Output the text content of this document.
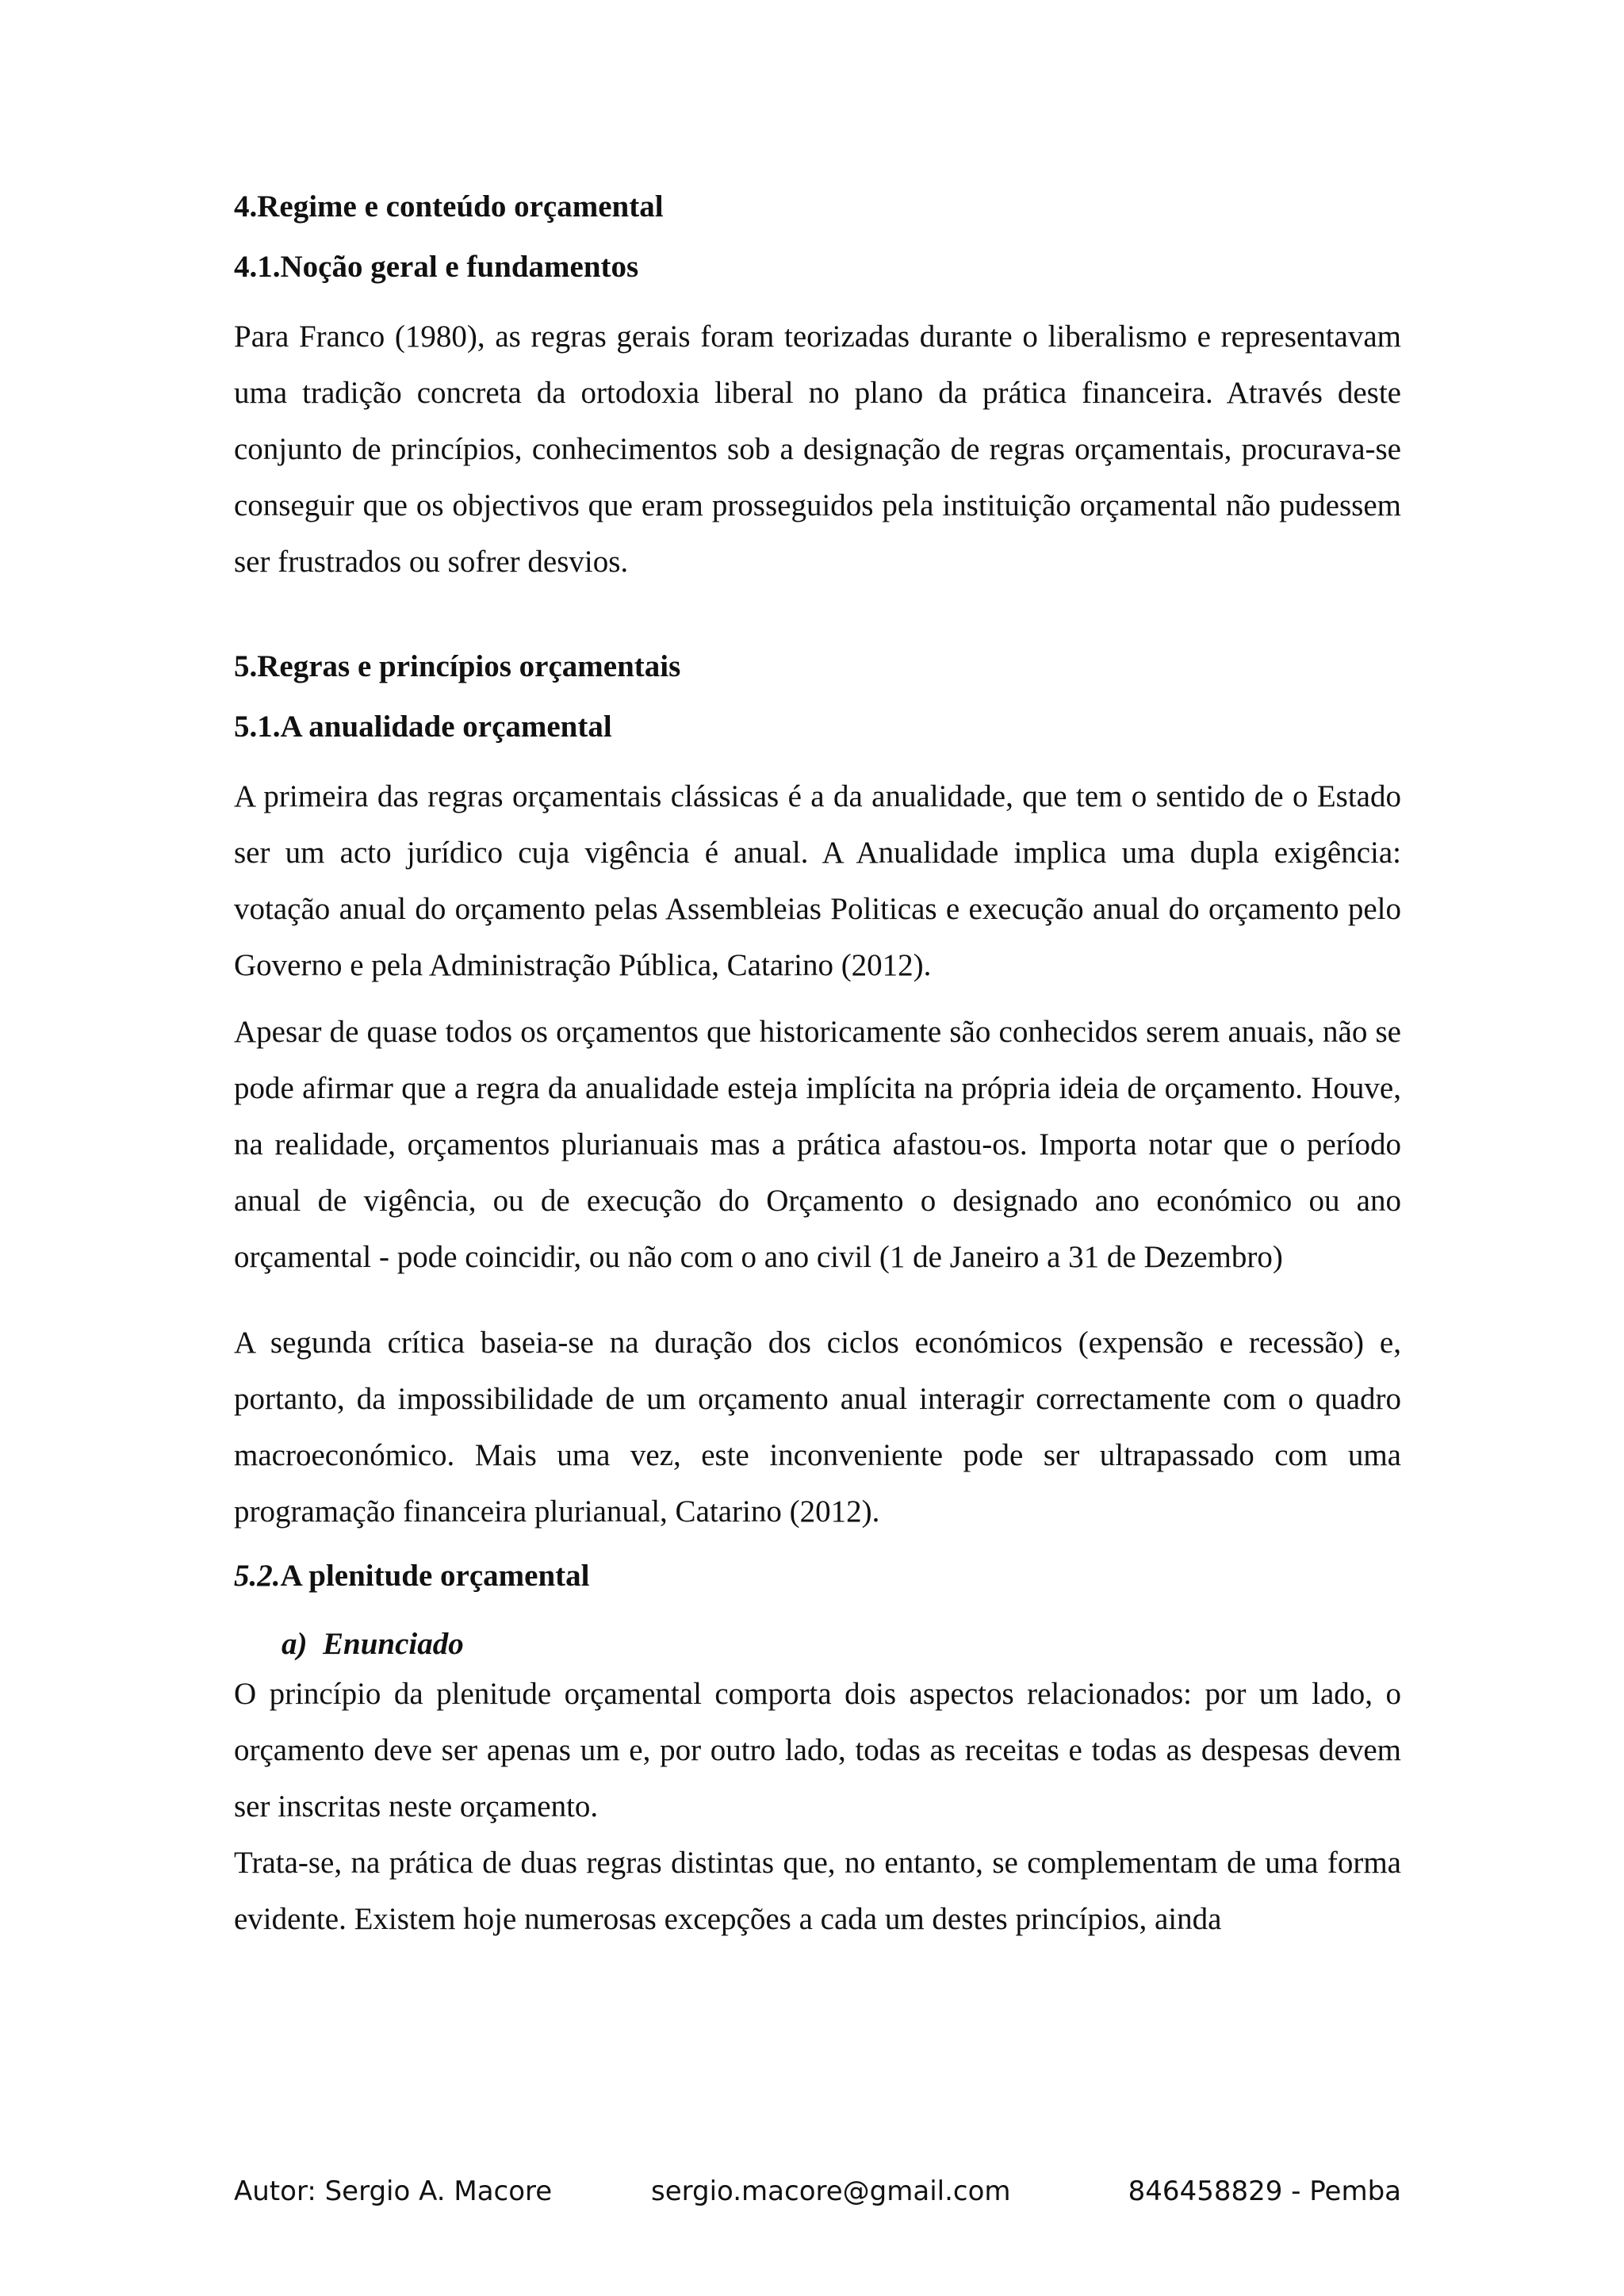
4.Regime e conteúdo orçamental
4.1.Noção geral e fundamentos

Para Franco (1980), as regras gerais foram teorizadas durante o liberalismo e representavam uma tradição concreta da ortodoxia liberal no plano da prática financeira. Através deste conjunto de princípios, conhecimentos sob a designação de regras orçamentais, procurava-se conseguir que os objectivos que eram prosseguidos pela instituição orçamental não pudessem ser frustrados ou sofrer desvios.

5.Regras e princípios orçamentais
5.1.A anualidade orçamental

A primeira das regras orçamentais clássicas é a da anualidade, que tem o sentido de o Estado ser um acto jurídico cuja vigência é anual. A Anualidade implica uma dupla exigência: votação anual do orçamento pelas Assembleias Politicas e execução anual do orçamento pelo Governo e pela Administração Pública, Catarino (2012).

Apesar de quase todos os orçamentos que historicamente são conhecidos serem anuais, não se pode afirmar que a regra da anualidade esteja implícita na própria ideia de orçamento. Houve, na realidade, orçamentos plurianuais mas a prática afastou-os. Importa notar que o período anual de vigência, ou de execução do Orçamento o designado ano económico ou ano orçamental - pode coincidir, ou não com o ano civil (1 de Janeiro a 31 de Dezembro)

A segunda crítica baseia-se na duração dos ciclos económicos (expensão e recessão) e, portanto, da impossibilidade de um orçamento anual interagir correctamente com o quadro macroeconómico. Mais uma vez, este inconveniente pode ser ultrapassado com uma programação financeira plurianual, Catarino (2012).

5.2.A plenitude orçamental
a)  Enunciado

O princípio da plenitude orçamental comporta dois aspectos relacionados: por um lado, o orçamento deve ser apenas um e, por outro lado, todas as receitas e todas as despesas devem ser inscritas neste orçamento.

Trata-se, na prática de duas regras distintas que, no entanto, se complementam de uma forma evidente. Existem hoje numerosas excepções a cada um destes princípios, ainda

Autor: Sergio A. Macore	sergio.macore@gmail.com	846458829 - Pemba
